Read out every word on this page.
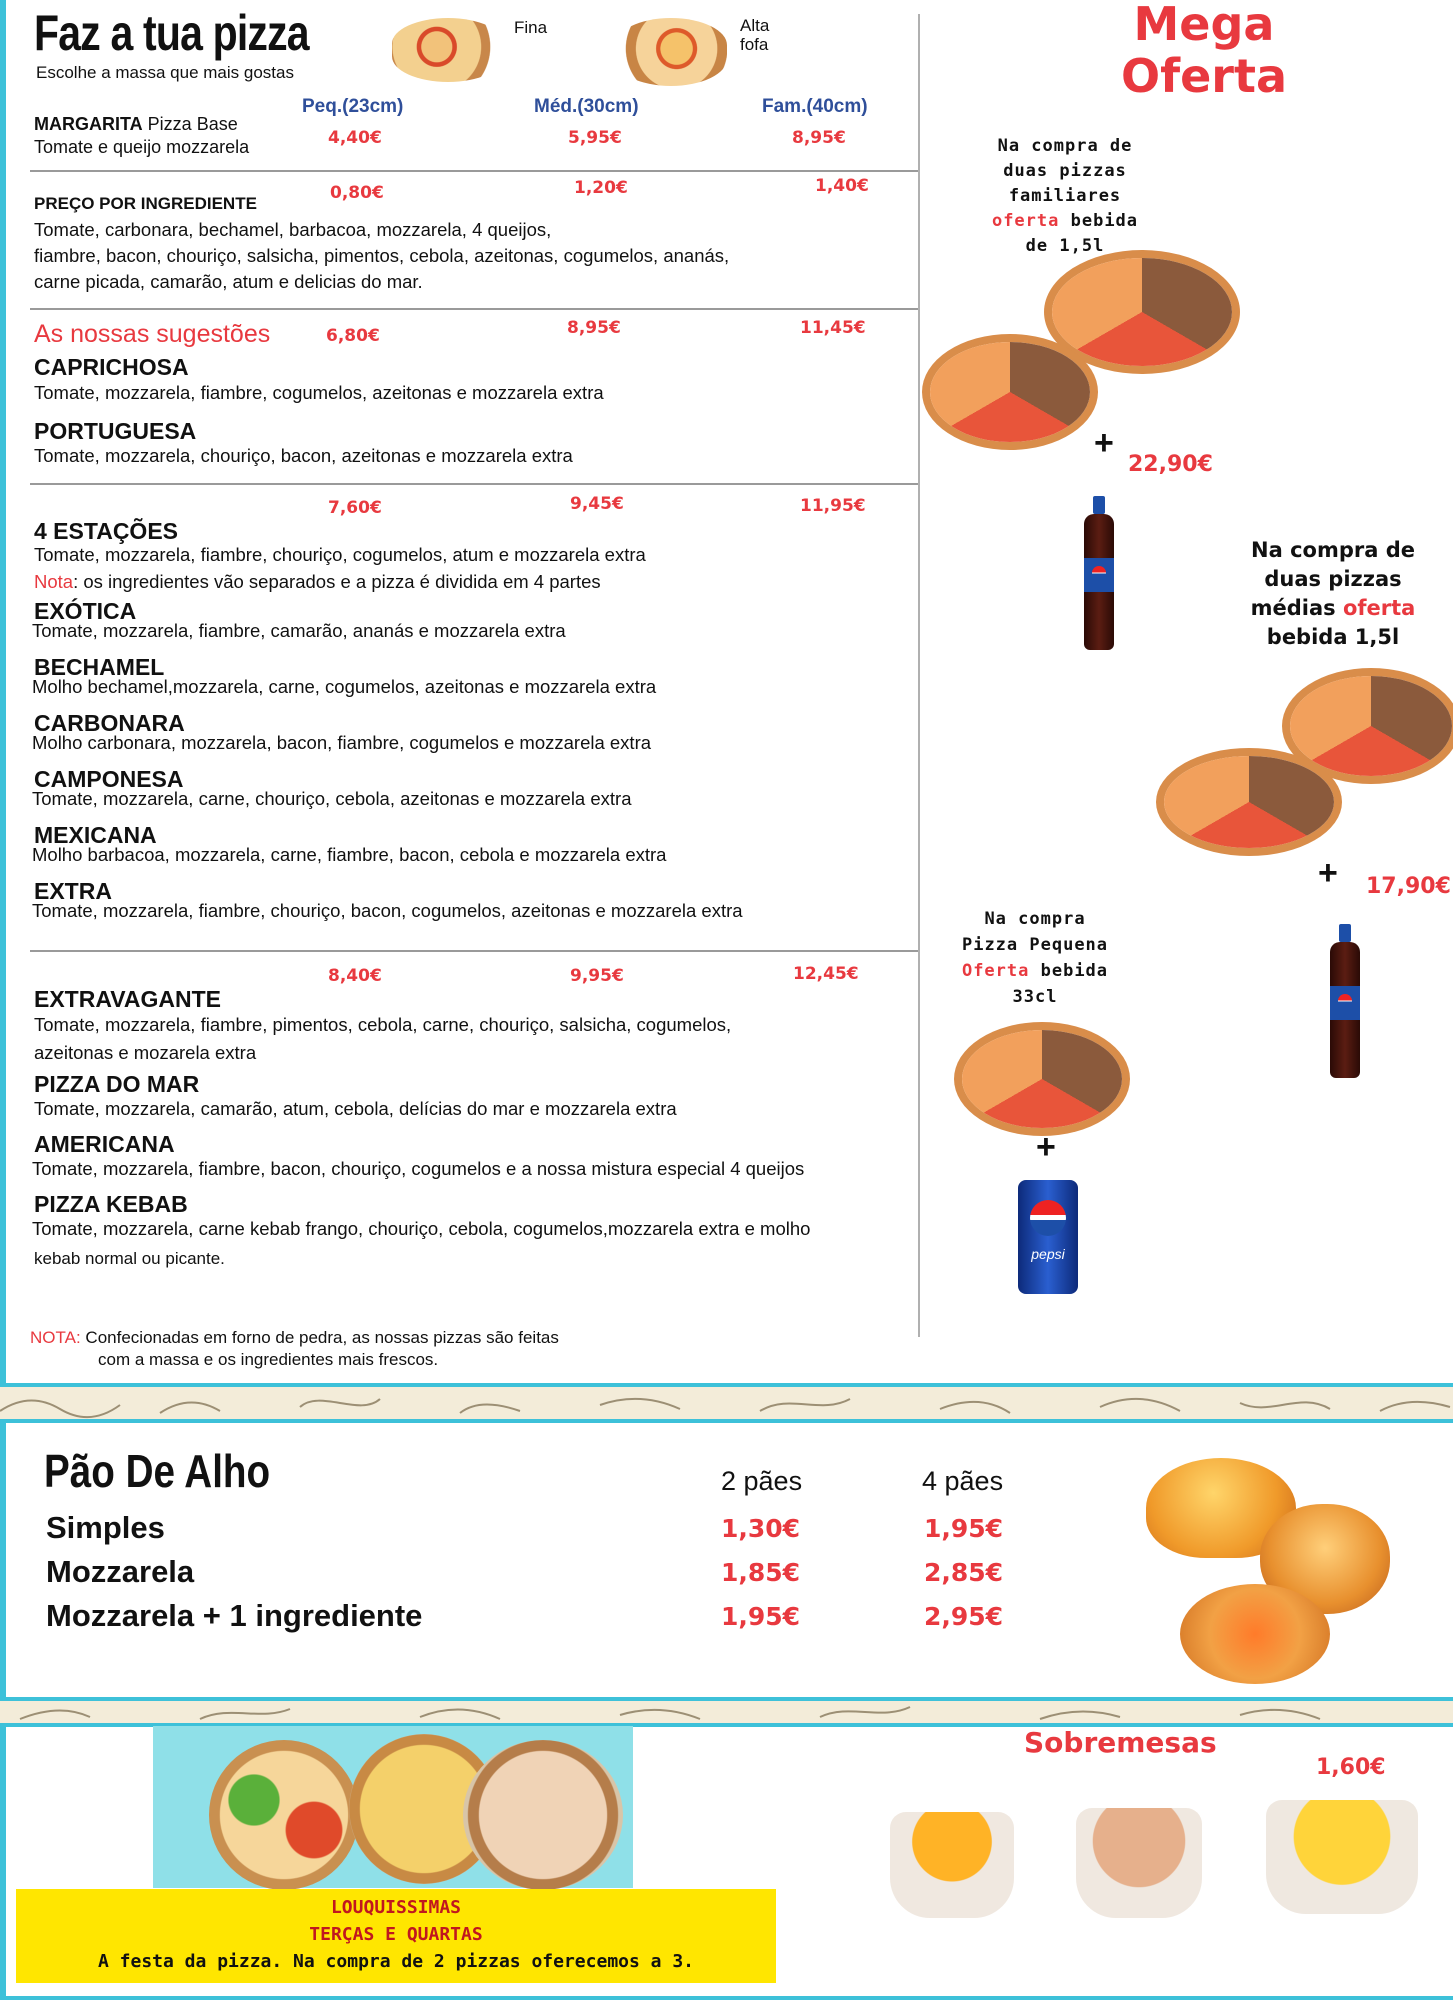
Faz a tua pizza
Escolhe a massa que mais gostas
Fina	Alta
fofa
Peq.(23cm)	Méd.(30cm)	Fam.(40cm)
MARGARITA Pizza Base
Tomate e queijo mozzarela	4,40€	5,95€	8,95€
PREÇO POR INGREDIENTE
0,80€	1,20€	1,40€
Tomate, carbonara, bechamel, barbacoa, mozzarela, 4 queijos,
fiambre, bacon, chouriço, salsicha, pimentos, cebola, azeitonas, cogumelos, ananás,
carne picada, camarão, atum e delicias do mar.
As nossas sugestões	6,80€	8,95€	11,45€
CAPRICHOSA
Tomate, mozzarela, fiambre, cogumelos, azeitonas e mozzarela extra
PORTUGUESA
Tomate, mozzarela, chouriço, bacon, azeitonas e mozzarela extra
7,60€	9,45€	11,95€
4 ESTAÇÕES
Tomate, mozzarela, fiambre, chouriço, cogumelos, atum e mozzarela extra
Nota: os ingredientes vão separados e a pizza é dividida em 4 partes
EXÓTICA
Tomate, mozzarela, fiambre, camarão, ananás e mozzarela extra
BECHAMEL
Molho bechamel,mozzarela, carne, cogumelos, azeitonas e mozzarela extra
CARBONARA
Molho carbonara, mozzarela, bacon, fiambre, cogumelos e mozzarela extra
CAMPONESA
Tomate, mozzarela, carne, chouriço, cebola, azeitonas e mozzarela extra
MEXICANA
Molho barbacoa, mozzarela, carne, fiambre, bacon, cebola e mozzarela extra
EXTRA
Tomate, mozzarela, fiambre, chouriço, bacon, cogumelos, azeitonas e mozzarela extra
8,40€	9,95€	12,45€
EXTRAVAGANTE
Tomate, mozzarela, fiambre, pimentos, cebola, carne, chouriço, salsicha, cogumelos,
azeitonas e mozarela extra
PIZZA DO MAR
Tomate, mozzarela, camarão, atum, cebola, delícias do mar e mozzarela extra
AMERICANA
Tomate, mozzarela, fiambre, bacon, chouriço, cogumelos e a nossa mistura especial 4 queijos
PIZZA KEBAB
Tomate, mozzarela, carne kebab frango, chouriço, cebola, cogumelos,mozzarela extra e molho
kebab normal ou picante.
NOTA: Confecionadas em forno de pedra, as nossas pizzas são feitas
com a massa e os ingredientes mais frescos.
Mega
Oferta
Na compra de
duas pizzas
familiares
oferta bebida
de 1,5l
+
22,90€
Na compra de
duas pizzas
médias oferta
bebida 1,5l
+ 17,90€
Na compra
Pizza Pequena
Oferta bebida
33cl
+
pepsi
Pão De Alho	2 pães	4 pães
Simples	1,30€	1,95€
Mozzarela	1,85€	2,85€
Mozzarela + 1 ingrediente	1,95€	2,95€
LOUQUISSIMAS
TERÇAS E QUARTAS
A festa da pizza. Na compra de 2 pizzas oferecemos a 3.
Sobremesas
1,60€
